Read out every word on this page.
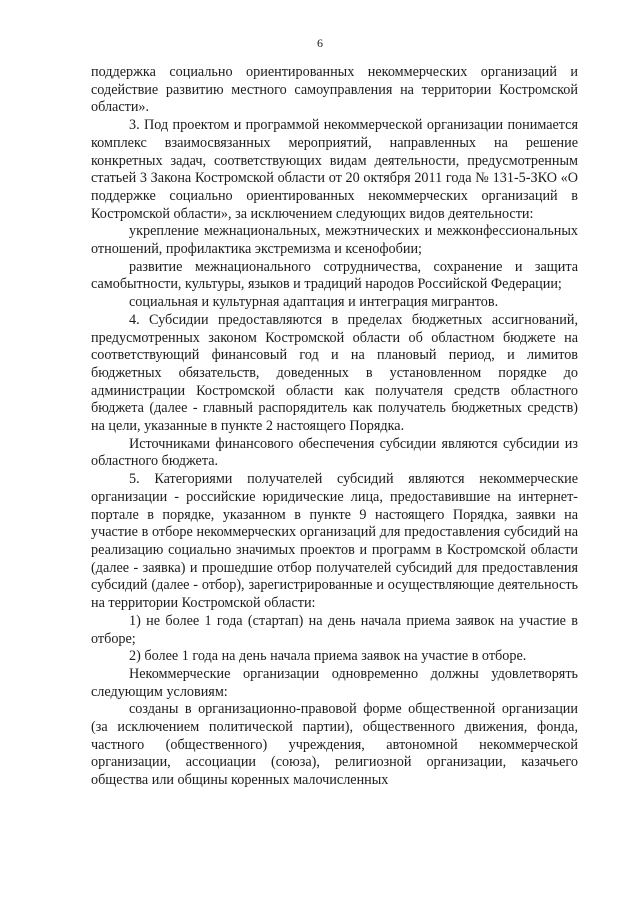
6

поддержка социально ориентированных некоммерческих организаций и содействие развитию местного самоуправления на территории Костромской области».

3. Под проектом и программой некоммерческой организации понимается комплекс взаимосвязанных мероприятий, направленных на решение конкретных задач, соответствующих видам деятельности, предусмотренным статьей 3 Закона Костромской области от 20 октября 2011 года № 131-5-ЗКО «О поддержке социально ориентированных некоммерческих организаций в Костромской области», за исключением следующих видов деятельности:

укрепление межнациональных, межэтнических и межконфессиональных отношений, профилактика экстремизма и ксенофобии;

развитие межнационального сотрудничества, сохранение и защита самобытности, культуры, языков и традиций народов Российской Федерации;

социальная и культурная адаптация и интеграция мигрантов.

4. Субсидии предоставляются в пределах бюджетных ассигнований, предусмотренных законом Костромской области об областном бюджете на соответствующий финансовый год и на плановый период, и лимитов бюджетных обязательств, доведенных в установленном порядке до администрации Костромской области как получателя средств областного бюджета (далее - главный распорядитель как получатель бюджетных средств) на цели, указанные в пункте 2 настоящего Порядка.

Источниками финансового обеспечения субсидии являются субсидии из областного бюджета.

5. Категориями получателей субсидий являются некоммерческие организации - российские юридические лица, предоставившие на интернет-портале в порядке, указанном в пункте 9 настоящего Порядка, заявки на участие в отборе некоммерческих организаций для предоставления субсидий на реализацию социально значимых проектов и программ в Костромской области (далее - заявка) и прошедшие отбор получателей субсидий для предоставления субсидий (далее - отбор), зарегистрированные и осуществляющие деятельность на территории Костромской области:

1) не более 1 года (стартап) на день начала приема заявок на участие в отборе;

2) более 1 года на день начала приема заявок на участие в отборе.

Некоммерческие организации одновременно должны удовлетворять следующим условиям:

созданы в организационно-правовой форме общественной организации (за исключением политической партии), общественного движения, фонда, частного (общественного) учреждения, автономной некоммерческой организации, ассоциации (союза), религиозной организации, казачьего общества или общины коренных малочисленных
